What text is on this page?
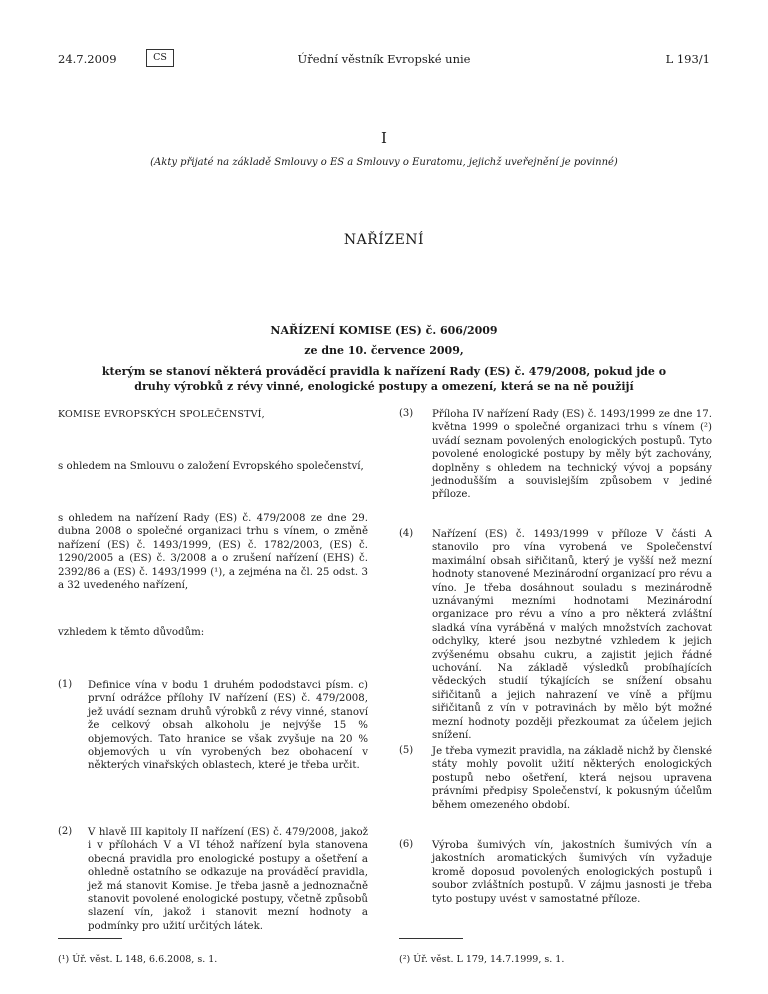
24.7.2009	CS	Úřední věstník Evropské unie	L 193/1
I
(Akty přijaté na základě Smlouvy o ES a Smlouvy o Euratomu, jejichž uveřejnění je povinné)
NAŘÍZENÍ
NAŘÍZENÍ KOMISE (ES) č. 606/2009
ze dne 10. července 2009,
kterým se stanoví některá prováděcí pravidla k nařízení Rady (ES) č. 479/2008, pokud jde o druhy výrobků z révy vinné, enologické postupy a omezení, která se na ně použijí
KOMISE EVROPSKÝCH SPOLEČENSTVÍ,
s ohledem na Smlouvu o založení Evropského společenství,
s ohledem na nařízení Rady (ES) č. 479/2008 ze dne 29. dubna 2008 o společné organizaci trhu s vínem, o změně nařízení (ES) č. 1493/1999, (ES) č. 1782/2003, (ES) č. 1290/2005 a (ES) č. 3/2008 a o zrušení nařízení (EHS) č. 2392/86 a (ES) č. 1493/1999 (¹), a zejména na čl. 25 odst. 3 a 32 uvedeného nařízení,
vzhledem k těmto důvodům:
(1) Definice vína v bodu 1 druhém pododstavci písm. c) první odrážce přílohy IV nařízení (ES) č. 479/2008, jež uvádí seznam druhů výrobků z révy vinné, stanoví že celkový obsah alkoholu je nejvýše 15 % objemových. Tato hranice se však zvyšuje na 20 % objemových u vín vyrobených bez obohacení v některých vinařských oblastech, které je třeba určit.
(2) V hlavě III kapitoly II nařízení (ES) č. 479/2008, jakož i v přílohách V a VI téhož nařízení byla stanovena obecná pravidla pro enologické postupy a ošetření a ohledně ostatního se odkazuje na prováděcí pravidla, jež má stanovit Komise. Je třeba jasně a jednoznačně stanovit povolené enologické postupy, včetně způsobů slazení vín, jakož i stanovit mezní hodnoty a podmínky pro užití určitých látek.
(¹) Úř. věst. L 148, 6.6.2008, s. 1.
(3) Příloha IV nařízení Rady (ES) č. 1493/1999 ze dne 17. května 1999 o společné organizaci trhu s vínem (²) uvádí seznam povolených enologických postupů. Tyto povolené enologické postupy by měly být zachovány, doplněny s ohledem na technický vývoj a popsány jednodušším a souvislejším způsobem v jediné příloze.
(4) Nařízení (ES) č. 1493/1999 v příloze V části A stanovilo pro vína vyrobená ve Společenství maximální obsah siřičitanů, který je vyšší než mezní hodnoty stanovené Mezinárodní organizací pro révu a víno. Je třeba dosáhnout souladu s mezinárodně uznávanými mezními hodnotami Mezinárodní organizace pro révu a víno a pro některá zvláštní sladká vína vyráběná v malých množstvích zachovat odchylky, které jsou nezbytné vzhledem k jejich zvýšenému obsahu cukru, a zajistit jejich řádné uchování. Na základě výsledků probíhajících vědeckých studií týkajících se snížení obsahu siřičitanů a jejich nahrazení ve víně a příjmu siřičitanů z vín v potravinách by mělo být možné mezní hodnoty později přezkoumat za účelem jejich snížení.
(5) Je třeba vymezit pravidla, na základě nichž by členské státy mohly povolit užití některých enologických postupů nebo ošetření, která nejsou upravena právními předpisy Společenství, k pokusným účelům během omezeného období.
(6) Výroba šumivých vín, jakostních šumivých vín a jakostních aromatických šumivých vín vyžaduje kromě doposud povolených enologických postupů i soubor zvláštních postupů. V zájmu jasnosti je třeba tyto postupy uvést v samostatné příloze.
(²) Úř. věst. L 179, 14.7.1999, s. 1.
